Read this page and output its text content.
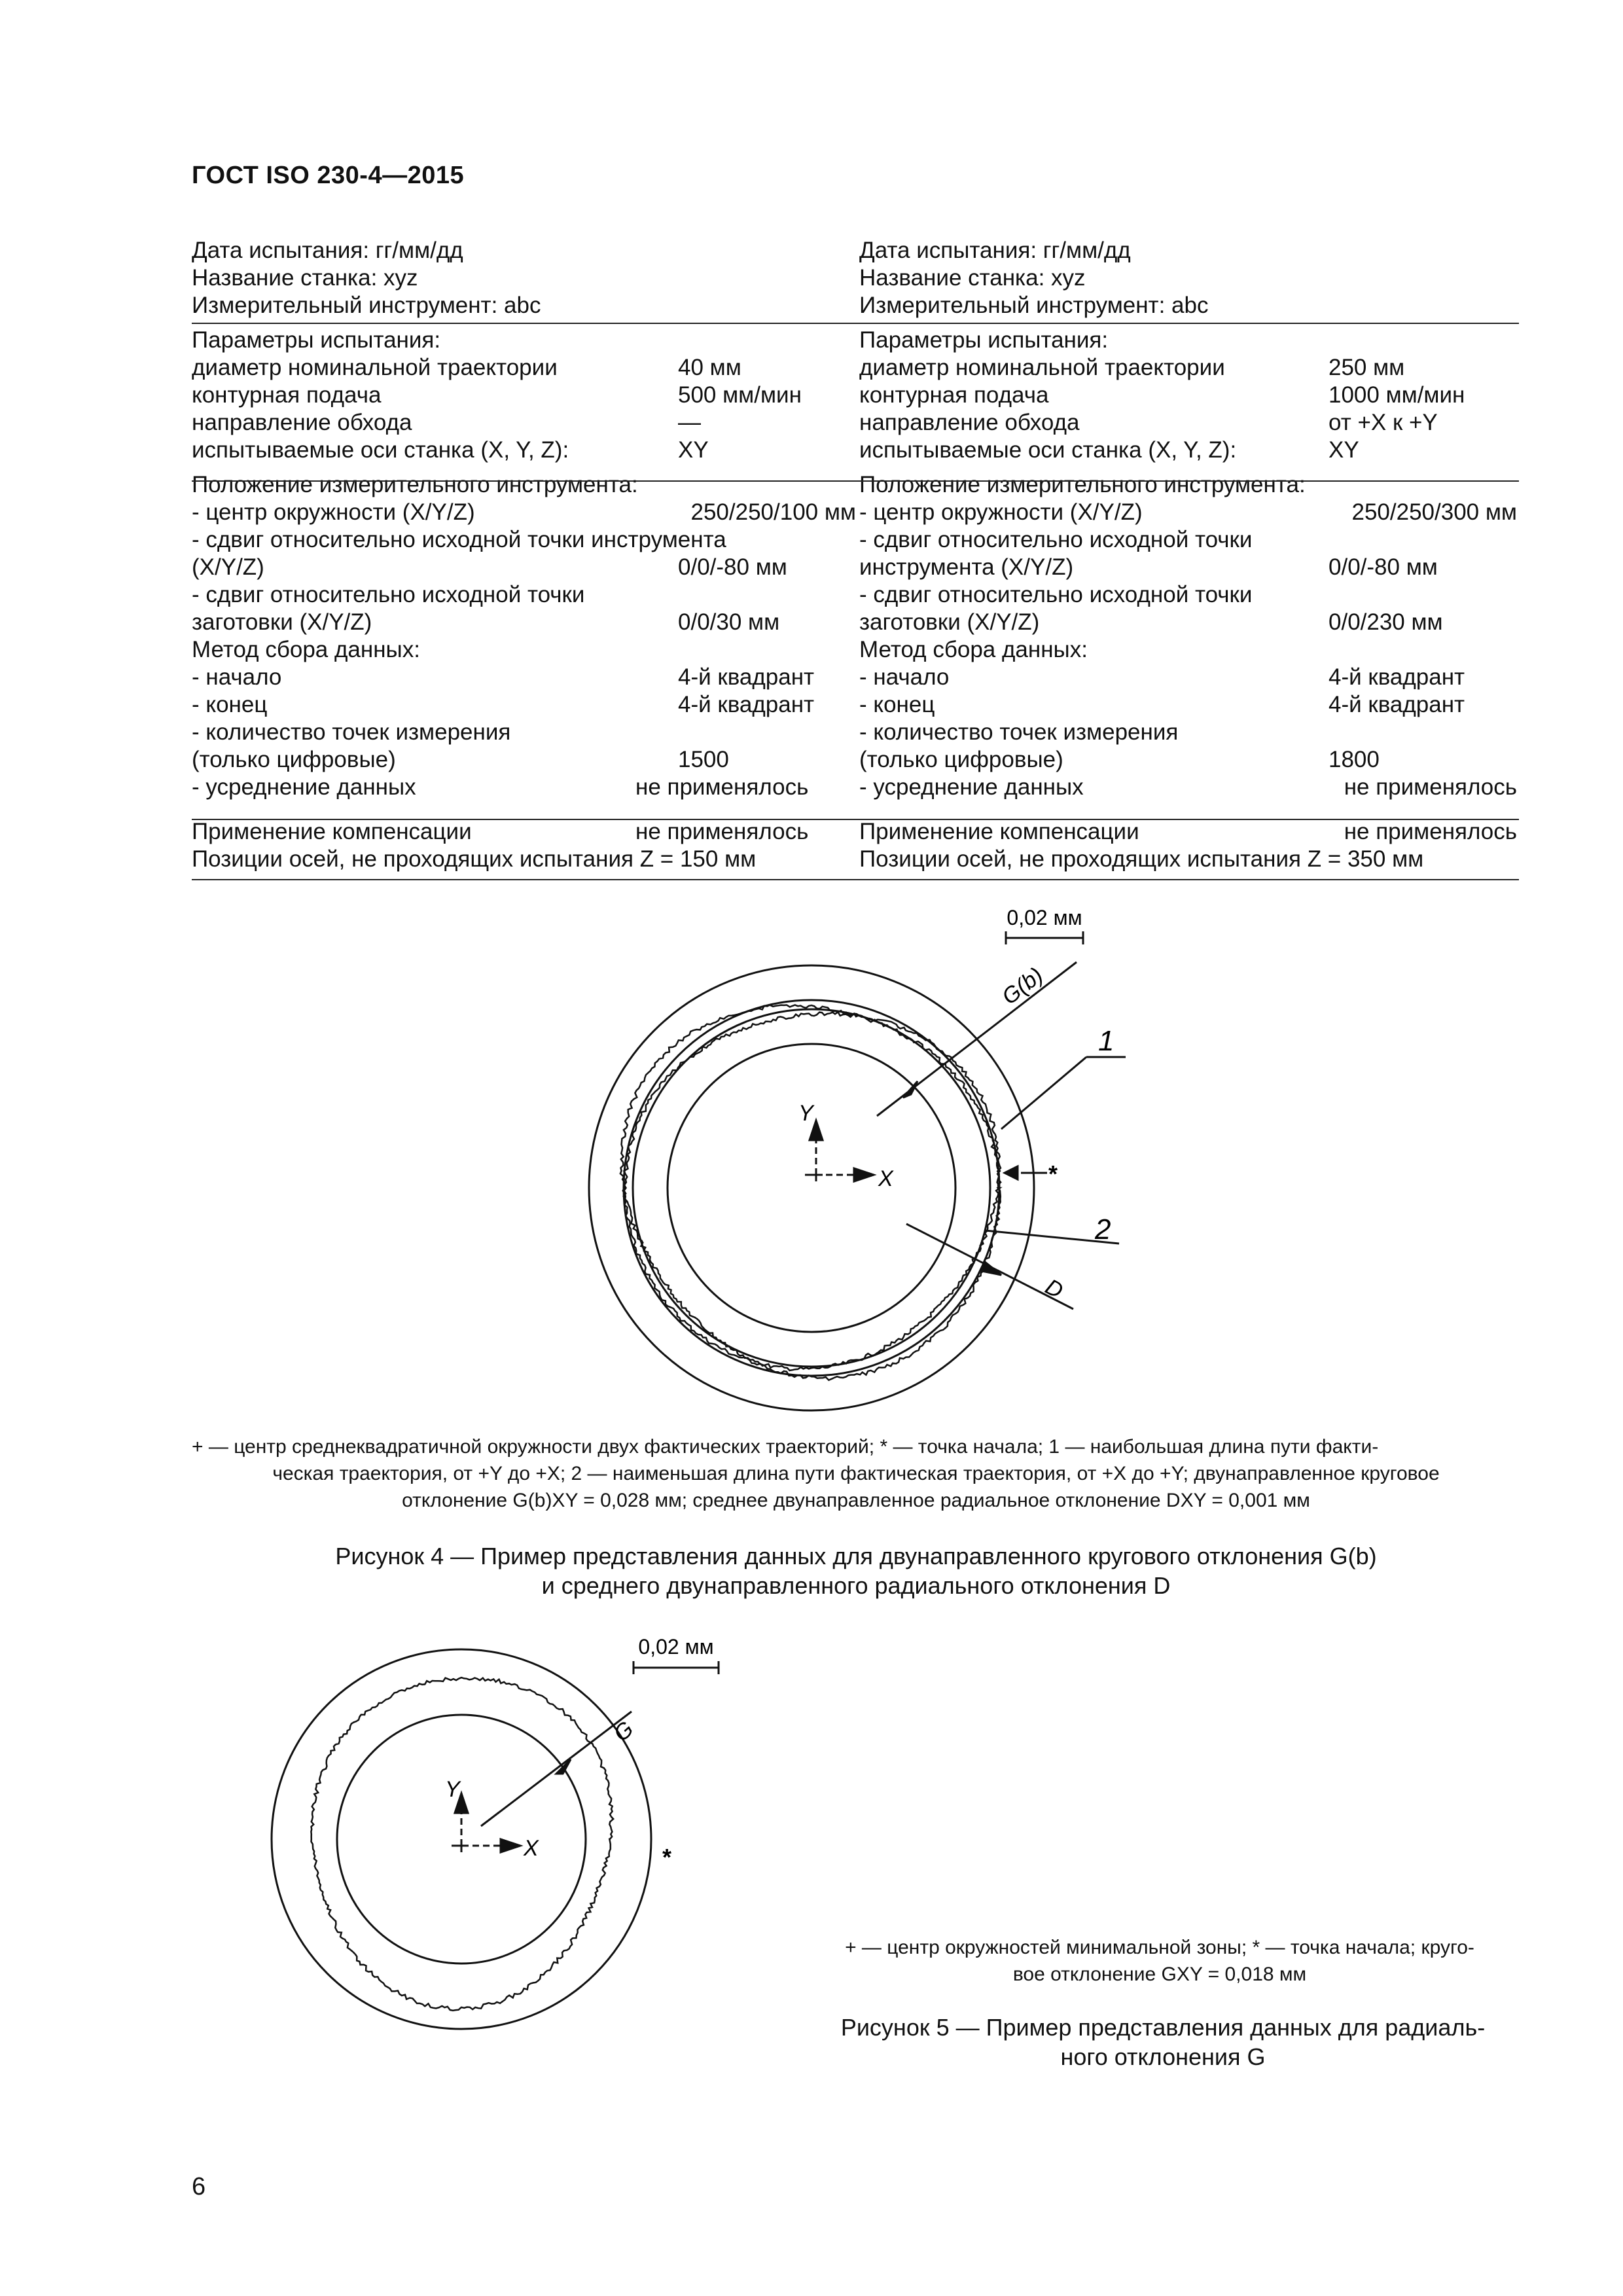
ГОСТ ISO 230-4—2015
Дата испытания: гг/мм/дд
Название станка: xyz
Измерительный инструмент: abc
Параметры испытания:
диаметр номинальной траектории	40 мм
контурная подача	500 мм/мин
направление обхода	—
испытываемые оси станка (X, Y, Z):	XY
Положение измерительного инструмента:
- центр окружности (X/Y/Z)	250/250/100 мм
- сдвиг относительно исходной точки инструмента
(X/Y/Z)	0/0/-80 мм
- сдвиг относительно исходной точки
заготовки (X/Y/Z)	0/0/30 мм
Метод сбора данных:
- начало	4-й квадрант
- конец	4-й квадрант
- количество точек измерения
(только цифровые)	1500
- усреднение данных	не применялось
Применение компенсации	не применялось
Позиции осей, не проходящих испытания Z = 150 мм
Дата испытания: гг/мм/дд
Название станка: xyz
Измерительный инструмент: abc
Параметры испытания:
диаметр номинальной траектории	250 мм
контурная подача	1000 мм/мин
направление обхода	от +X к +Y
испытываемые оси станка (X, Y, Z):	XY
Положение измерительного инструмента:
- центр окружности (X/Y/Z)	250/250/300 мм
- сдвиг относительно исходной точки
инструмента (X/Y/Z)	0/0/-80 мм
- сдвиг относительно исходной точки
заготовки (X/Y/Z)	0/0/230 мм
Метод сбора данных:
- начало	4-й квадрант
- конец	4-й квадрант
- количество точек измерения
(только цифровые)	1800
- усреднение данных	не применялось
Применение компенсации	не применялось
Позиции осей, не проходящих испытания Z = 350 мм
0,02 мм
Y
X
G(b)
1
2
D
*
+ — центр среднеквадратичной окружности двух фактических траекторий; * — точка начала; 1 — наибольшая длина пути факти-
ческая траектория, от +Y до +X; 2 — наименьшая длина пути фактическая траектория, от +X до +Y; двунаправленное круговое
отклонение G(b)XY = 0,028 мм; среднее двунаправленное радиальное отклонение DXY = 0,001 мм
Рисунок 4 — Пример представления данных для двунаправленного кругового отклонения G(b)
и среднего двунаправленного радиального отклонения D
0,02 мм
Y
X
G
*
+ — центр окружностей минимальной зоны; * — точка начала; круго-
вое отклонение GXY = 0,018 мм
Рисунок 5 — Пример представления данных для радиаль-
ного отклонения G
6
